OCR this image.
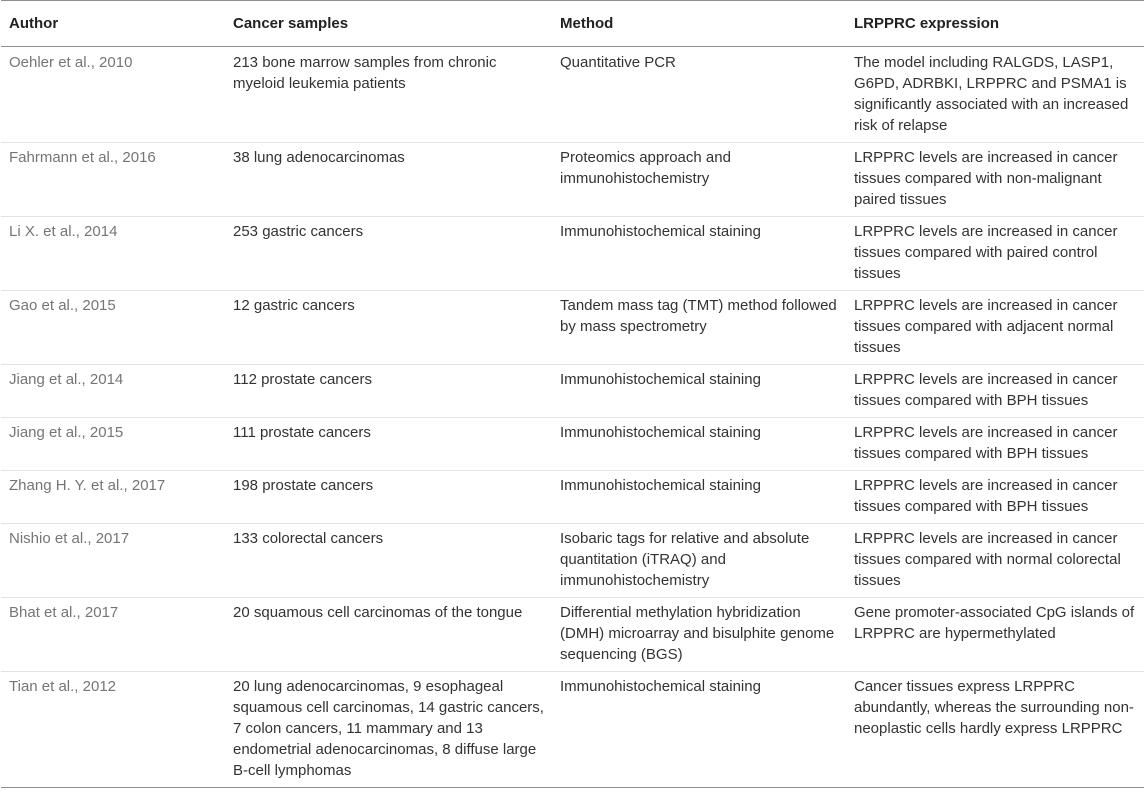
Author	Cancer samples	Method	LRPPRC expression
Oehler et al., 2010	213 bone marrow samples from chronic myeloid leukemia patients	Quantitative PCR	The model including RALGDS, LASP1, G6PD, ADRBKI, LRPPRC and PSMA1 is significantly associated with an increased risk of relapse
Fahrmann et al., 2016	38 lung adenocarcinomas	Proteomics approach and immunohistochemistry	LRPPRC levels are increased in cancer tissues compared with non-malignant paired tissues
Li X. et al., 2014	253 gastric cancers	Immunohistochemical staining	LRPPRC levels are increased in cancer tissues compared with paired control tissues
Gao et al., 2015	12 gastric cancers	Tandem mass tag (TMT) method followed by mass spectrometry	LRPPRC levels are increased in cancer tissues compared with adjacent normal tissues
Jiang et al., 2014	112 prostate cancers	Immunohistochemical staining	LRPPRC levels are increased in cancer tissues compared with BPH tissues
Jiang et al., 2015	111 prostate cancers	Immunohistochemical staining	LRPPRC levels are increased in cancer tissues compared with BPH tissues
Zhang H. Y. et al., 2017	198 prostate cancers	Immunohistochemical staining	LRPPRC levels are increased in cancer tissues compared with BPH tissues
Nishio et al., 2017	133 colorectal cancers	Isobaric tags for relative and absolute quantitation (iTRAQ) and immunohistochemistry	LRPPRC levels are increased in cancer tissues compared with normal colorectal tissues
Bhat et al., 2017	20 squamous cell carcinomas of the tongue	Differential methylation hybridization (DMH) microarray and bisulphite genome sequencing (BGS)	Gene promoter-associated CpG islands of LRPPRC are hypermethylated
Tian et al., 2012	20 lung adenocarcinomas, 9 esophageal squamous cell carcinomas, 14 gastric cancers, 7 colon cancers, 11 mammary and 13 endometrial adenocarcinomas, 8 diffuse large B-cell lymphomas	Immunohistochemical staining	Cancer tissues express LRPPRC abundantly, whereas the surrounding non-neoplastic cells hardly express LRPPRC
